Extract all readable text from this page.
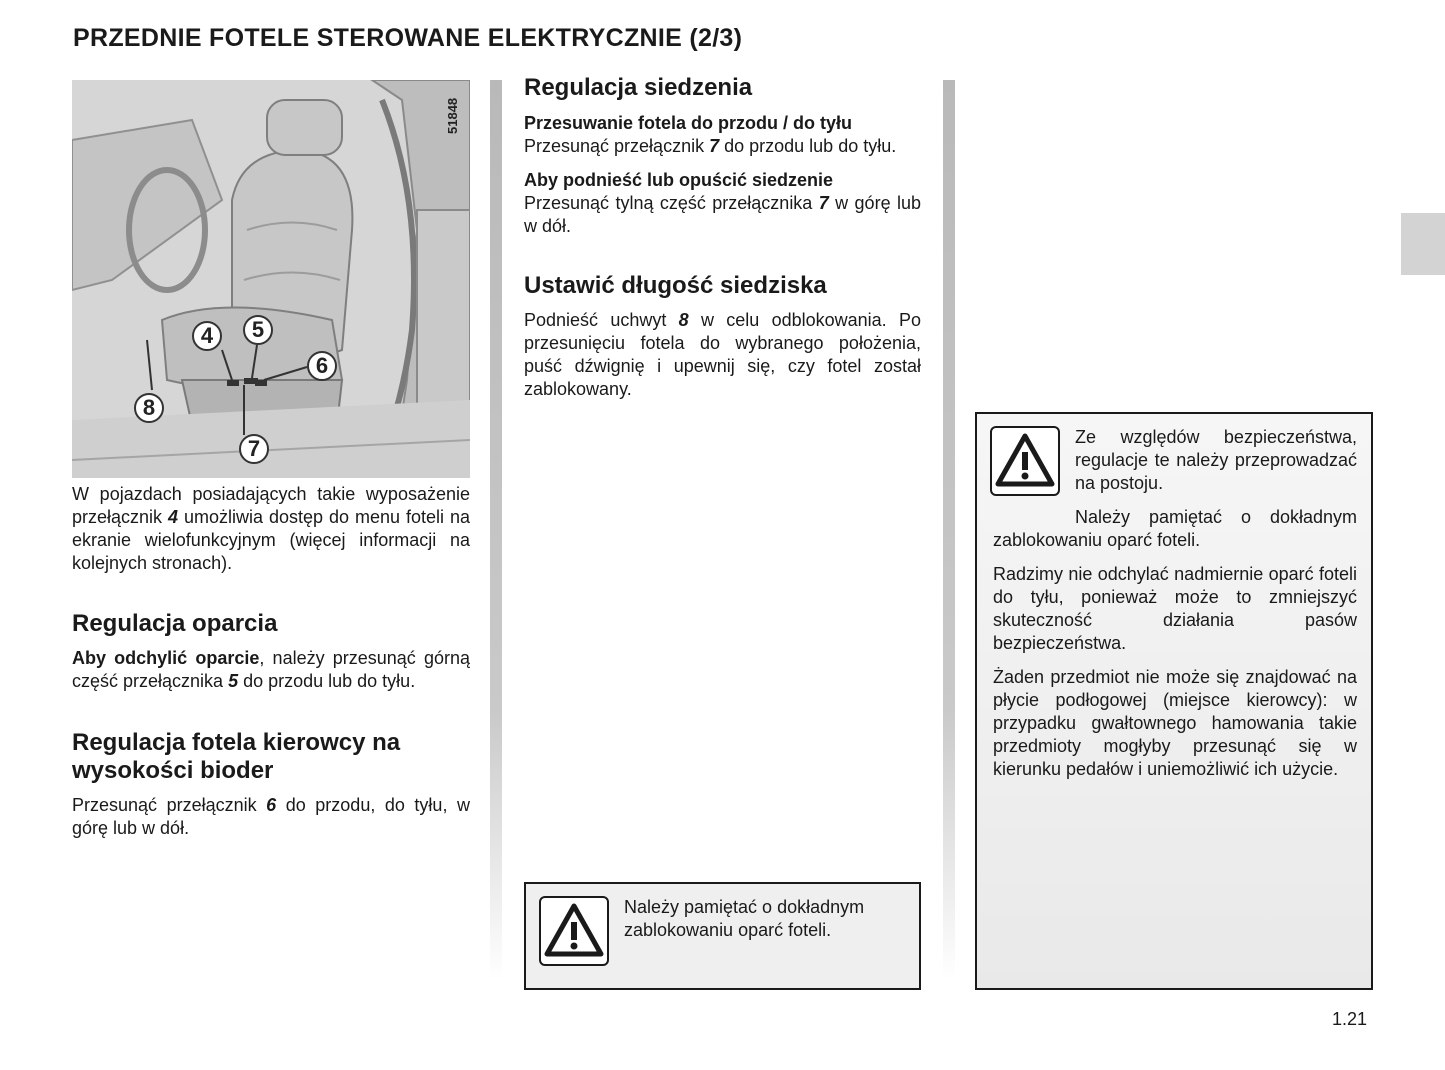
PRZEDNIE FOTELE STEROWANE ELEKTRYCZNIE (2/3)
51848
4	5
6
7
8

W pojazdach posiadających takie wyposażenie przełącznik 4 umożliwia dostęp do menu foteli na ekranie wielofunkcyjnym (więcej informacji na kolejnych stronach).

Regulacja oparcia

Aby odchylić oparcie, należy przesunąć górną część przełącznika 5 do przodu lub do tyłu.

Regulacja fotela kierowcy na wysokości bioder

Przesunąć przełącznik 6 do przodu, do tyłu, w górę lub w dół.

Regulacja siedzenia
Przesuwanie fotela do przodu / do tyłu

Przesunąć przełącznik 7 do przodu lub do tyłu.

Aby podnieść lub opuścić siedzenie

Przesunąć tylną część przełącznika 7 w górę lub w dół.

Ustawić długość siedziska

Podnieść uchwyt 8 w celu odblokowania. Po przesunięciu fotela do wybranego położenia, puść dźwignię i upewnij się, czy fotel został zablokowany.

Należy pamiętać o dokładnym zablokowaniu oparć foteli.

Ze względów bezpieczeństwa, regulacje te należy przeprowadzać na postoju.

Należy pamiętać o dokładnym zablokowaniu oparć foteli.

Radzimy nie odchylać nadmiernie oparć foteli do tyłu, ponieważ może to zmniejszyć skuteczność działania pasów bezpieczeństwa.

Żaden przedmiot nie może się znajdować na płycie podłogowej (miejsce kierowcy): w przypadku gwałtownego hamowania takie przedmioty mogłyby przesunąć się w kierunku pedałów i uniemożliwić ich użycie.

1.21
